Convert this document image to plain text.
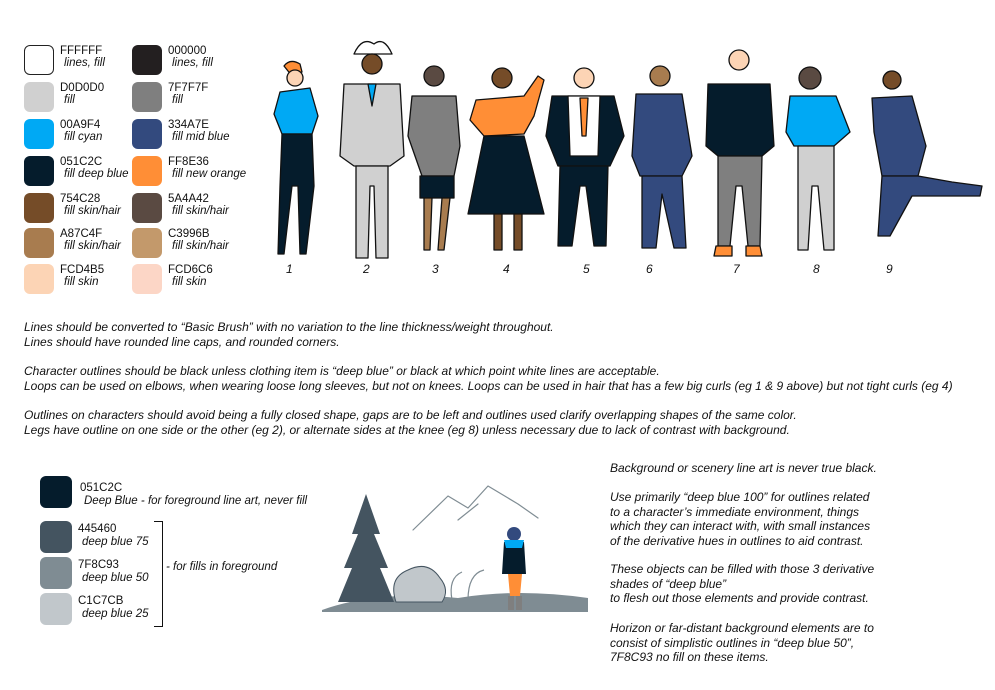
FFFFFF
lines, fill
000000
lines, fill
D0D0D0
fill
7F7F7F
fill
00A9F4
fill cyan
334A7E
fill mid blue
051C2C
fill deep blue
FF8E36
fill new orange
754C28
fill skin/hair
5A4A42
fill skin/hair
A87C4F
fill skin/hair
C3996B
fill skin/hair
FCD4B5
fill skin
FCD6C6
fill skin
1	2	3	4	5	6	7	8	9
Lines should be converted to “Basic Brush” with no variation to the line thickness/weight throughout.
Lines should have rounded line caps, and rounded corners.
Character outlines should be black unless clothing item is “deep blue” or black at which point white lines are acceptable.
Loops can be used on elbows, when wearing loose long sleeves, but not on knees. Loops can be used in hair that has a few big curls (eg 1 & 9 above) but not tight curls (eg 4)
Outlines on characters should avoid being a fully closed shape, gaps are to be left and outlines used clarify overlapping shapes of the same color.
Legs have outline on one side or the other (eg 2), or alternate sides at the knee (eg 8) unless necessary due to lack of contrast with background.
051C2C
Deep Blue - for foreground line art, never fill
445460
deep blue 75
7F8C93
deep blue 50
C1C7CB
deep blue 25
- for fills in foreground
Background or scenery line art is never true black.
Use primarily “deep blue 100” for outlines related
to a character’s immediate environment, things
which they can interact with, with small instances
of the derivative hues in outlines to aid contrast.
These objects can be filled with those 3 derivative
shades of “deep blue”
to flesh out those elements and provide contrast.
Horizon or far-distant background elements are to
consist of simplistic outlines in “deep blue 50”,
7F8C93 no fill on these items.
